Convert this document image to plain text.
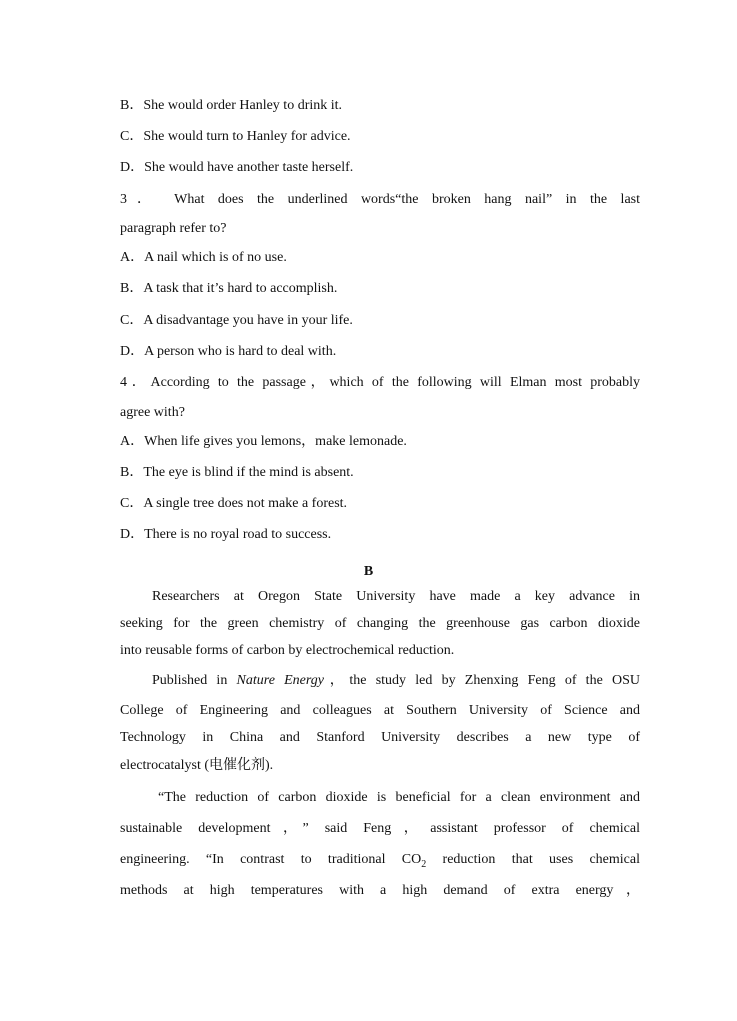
B．She would order Hanley to drink it.
C．She would turn to Hanley for advice.
D．She would have another taste herself.
3． What does the underlined words“the broken hang nail” in the last
paragraph refer to?
A．A nail which is of no use.
B．A task that it’s hard to accomplish.
C．A disadvantage you have in your life.
D．A person who is hard to deal with.
4．According to the passage，which of the following will Elman most probably
agree with?
A．When life gives you lemons，make lemonade.
B．The eye is blind if the mind is absent.
C．A single tree does not make a forest.
D．There is no royal road to success.
B
Researchers at Oregon State University have made a key advance in
seeking for the green chemistry of changing the greenhouse gas carbon dioxide
into reusable forms of carbon by electrochemical reduction.
Published in Nature Energy，the study led by Zhenxing Feng of the OSU
College of Engineering and colleagues at Southern University of Science and
Technology in China and Stanford University describes a new type of
electrocatalyst (电催化剂).
“The reduction of carbon dioxide is beneficial for a clean environment and
sustainable development，” said Feng，assistant professor of chemical
engineering. “In contrast to traditional $CO_2$ reduction that uses chemical
methods at high temperatures with a high demand of extra energy，
